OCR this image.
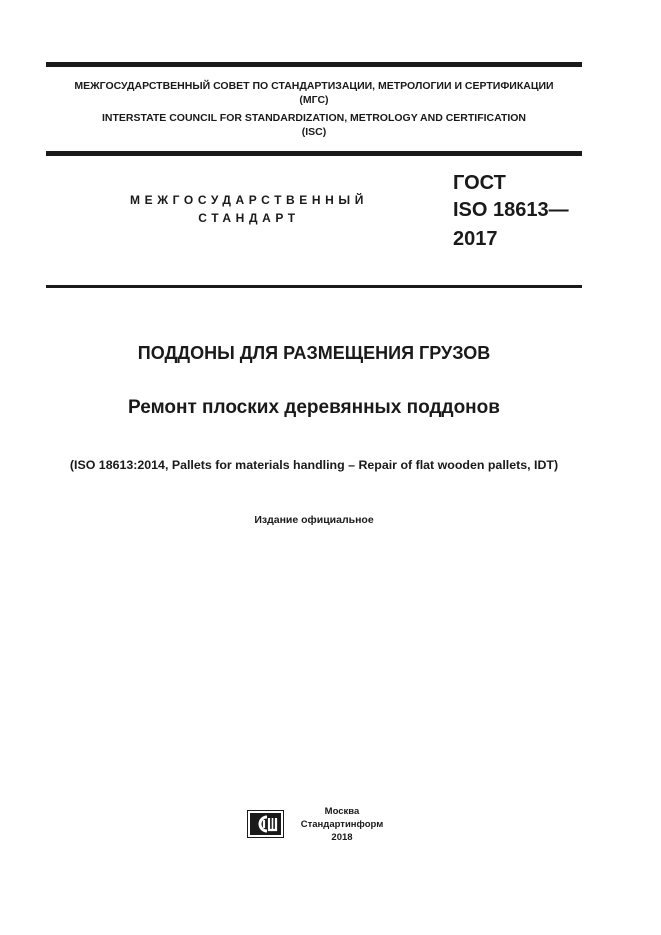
МЕЖГОСУДАРСТВЕННЫЙ СОВЕТ ПО СТАНДАРТИЗАЦИИ, МЕТРОЛОГИИ И СЕРТИФИКАЦИИ
(МГС)
INTERSTATE COUNCIL FOR STANDARDIZATION, METROLOGY AND CERTIFICATION
(ISC)
МЕЖГОСУДАРСТВЕННЫЙ
СТАНДАРТ
ГОСТ
ISO 18613—
2017
ПОДДОНЫ ДЛЯ РАЗМЕЩЕНИЯ ГРУЗОВ
Ремонт плоских деревянных поддонов
(ISO 18613:2014, Pallets for materials handling – Repair of flat wooden pallets, IDT)
Издание официальное
Москва
Стандартинформ
2018
